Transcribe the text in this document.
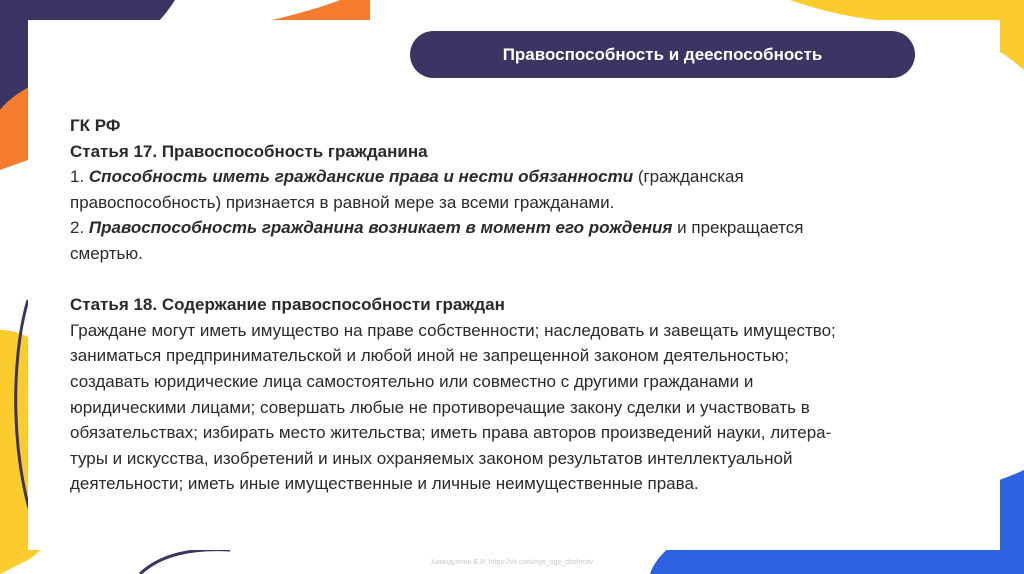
Правоспособность и дееспособность

ГК РФ

Статья 17. Правоспособность гражданина

1. Способность иметь гражданские права и нести обязанности (гражданская

правоспособность) признается в равной мере за всеми гражданами.

2. Правоспособность гражданина возникает в момент его рождения и прекращается

смертью.

Статья 18. Содержание правоспособности граждан

Граждане могут иметь имущество на праве собственности; наследовать и завещать имущество;

заниматься предпринимательской и любой иной не запрещенной законом деятельностью;

создавать юридические лица самостоятельно или совместно с другими гражданами и

юридическими лицами; совершать любые не противоречащие закону сделки и участвовать в

обязательствах; избирать место жительства; иметь права авторов произведений науки, литера-

туры и искусства, изобретений и иных охраняемых законом результатов интеллектуальной

деятельности; иметь иные имущественные и личные неимущественные права.

Хамидуллин Б.И. https://vk.com/ege_oge_obshestv
